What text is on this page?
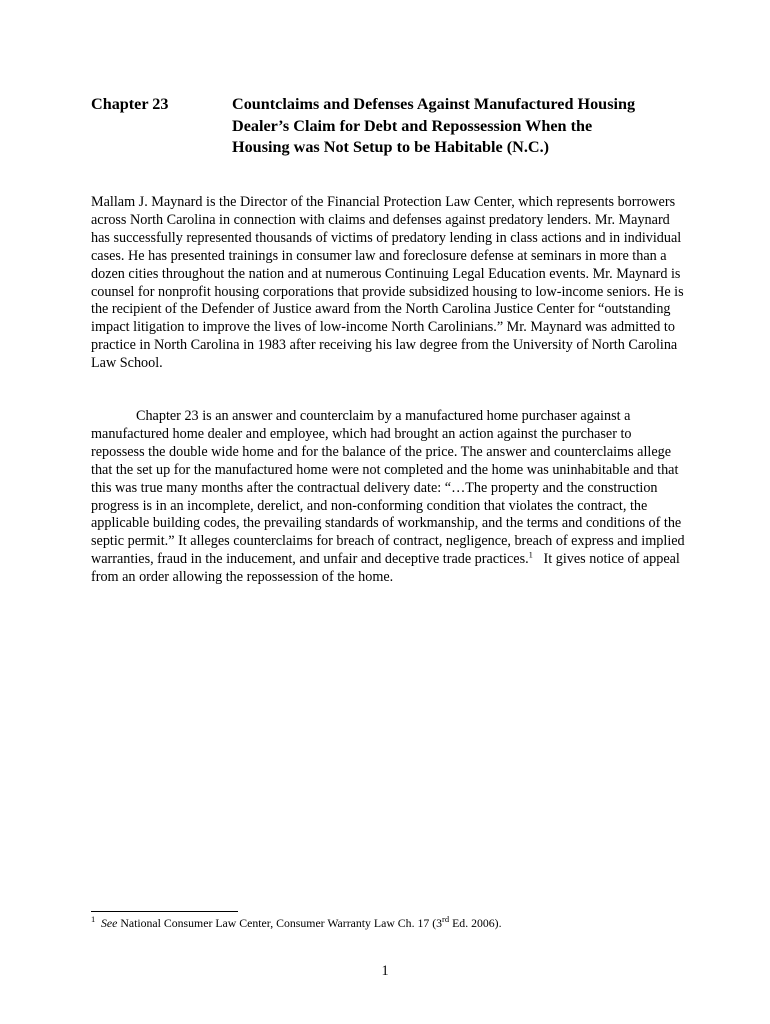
Chapter 23	Countclaims and Defenses Against Manufactured Housing
Dealer’s Claim for Debt and Repossession When the
Housing was Not Setup to be Habitable (N.C.)

Mallam J. Maynard is the Director of the Financial Protection Law Center, which represents borrowers across North Carolina in connection with claims and defenses against predatory lenders. Mr. Maynard has successfully represented thousands of victims of predatory lending in class actions and in individual cases. He has presented trainings in consumer law and foreclosure defense at seminars in more than a dozen cities throughout the nation and at numerous Continuing Legal Education events. Mr. Maynard is counsel for nonprofit housing corporations that provide subsidized housing to low-income seniors. He is the recipient of the Defender of Justice award from the North Carolina Justice Center for “outstanding impact litigation to improve the lives of low-income North Carolinians.” Mr. Maynard was admitted to practice in North Carolina in 1983 after receiving his law degree from the University of North Carolina Law School.

Chapter 23 is an answer and counterclaim by a manufactured home purchaser against a manufactured home dealer and employee, which had brought an action against the purchaser to repossess the double wide home and for the balance of the price. The answer and counterclaims allege that the set up for the manufactured home were not completed and the home was uninhabitable and that this was true many months after the contractual delivery date: “…The property and the construction progress is in an incomplete, derelict, and non-conforming condition that violates the contract, the applicable building codes, the prevailing standards of workmanship, and the terms and conditions of the septic permit.” It alleges counterclaims for breach of contract, negligence, breach of express and implied warranties, fraud in the inducement, and unfair and deceptive trade practices.$^1$   It gives notice of appeal from an order allowing the repossession of the home.

1 See National Consumer Law Center, Consumer Warranty Law Ch. 17 (3rd Ed. 2006).
1
